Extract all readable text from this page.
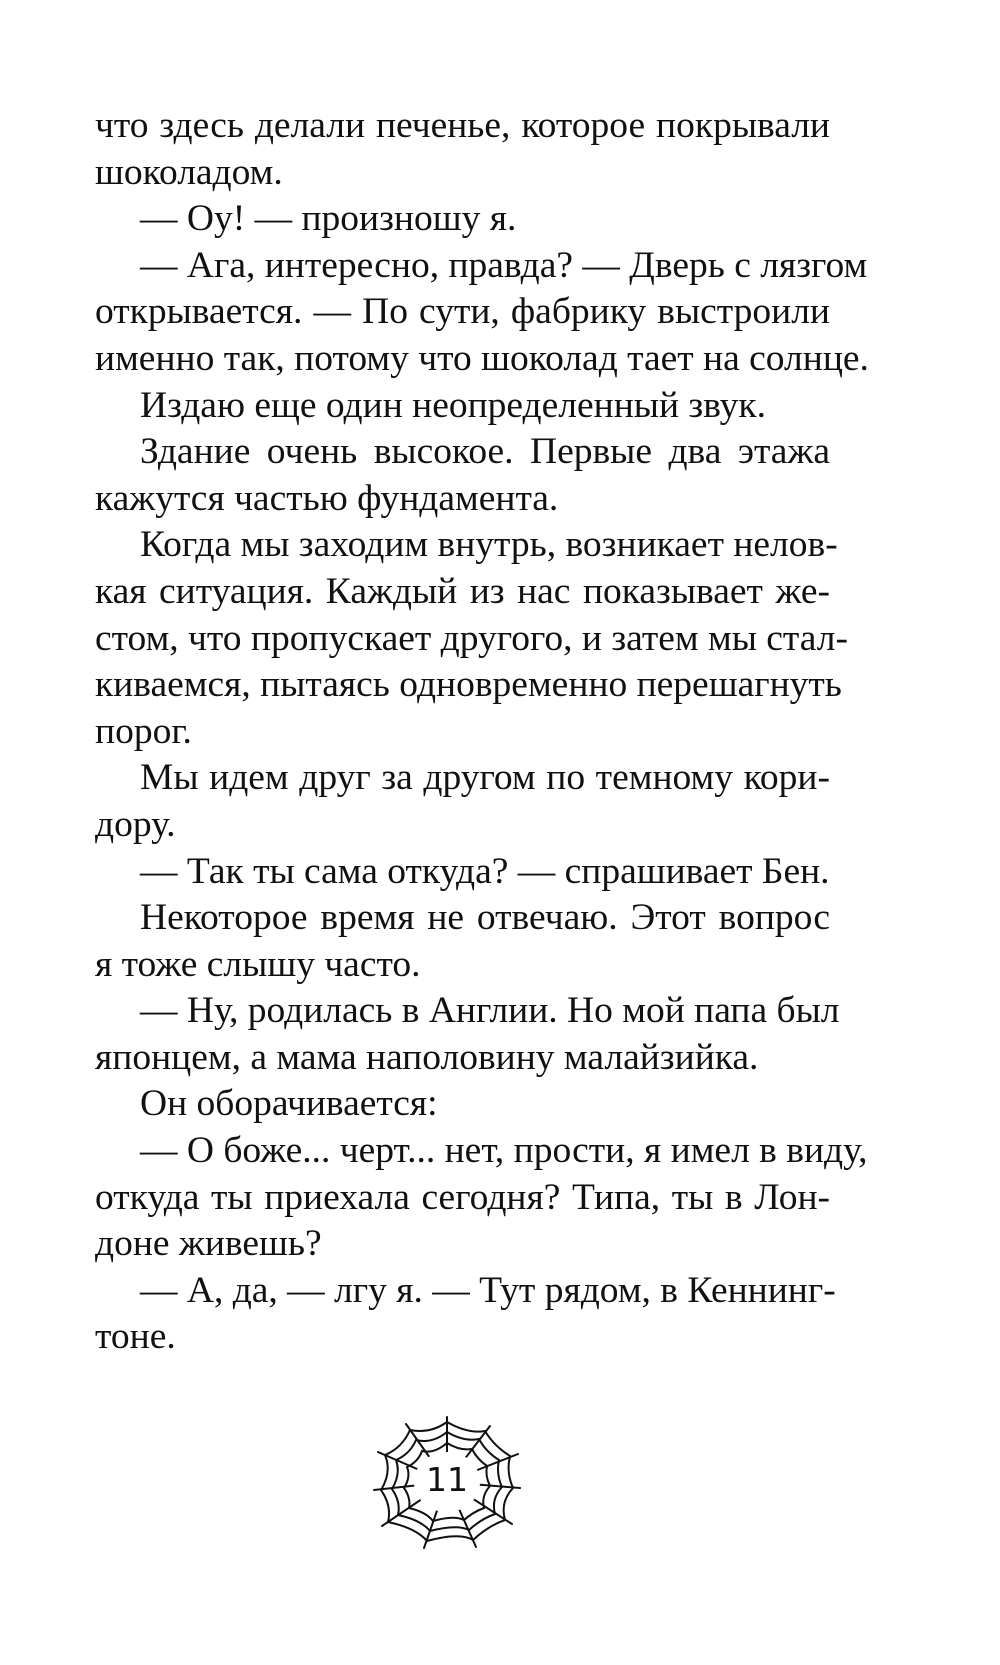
что здесь делали печенье, которое покрывали
шоколадом.
— Оу! — произношу я.
— Ага, интересно, правда? — Дверь с лязгом
открывается. — По сути, фабрику выстроили
именно так, потому что шоколад тает на солнце.
Издаю еще один неопределенный звук.
Здание очень высокое. Первые два этажа
кажутся частью фундамента.
Когда мы заходим внутрь, возникает нелов-
кая ситуация. Каждый из нас показывает же-
стом, что пропускает другого, и затем мы стал-
киваемся, пытаясь одновременно перешагнуть
порог.
Мы идем друг за другом по темному кори-
дору.
— Так ты сама откуда? — спрашивает Бен.
Некоторое время не отвечаю. Этот вопрос
я тоже слышу часто.
— Ну, родилась в Англии. Но мой папа был
японцем, а мама наполовину малайзийка.
Он оборачивается:
— О боже... черт... нет, прости, я имел в виду,
откуда ты приехала сегодня? Типа, ты в Лон-
доне живешь?
— А, да, — лгу я. — Тут рядом, в Кеннинг-
тоне.
11
